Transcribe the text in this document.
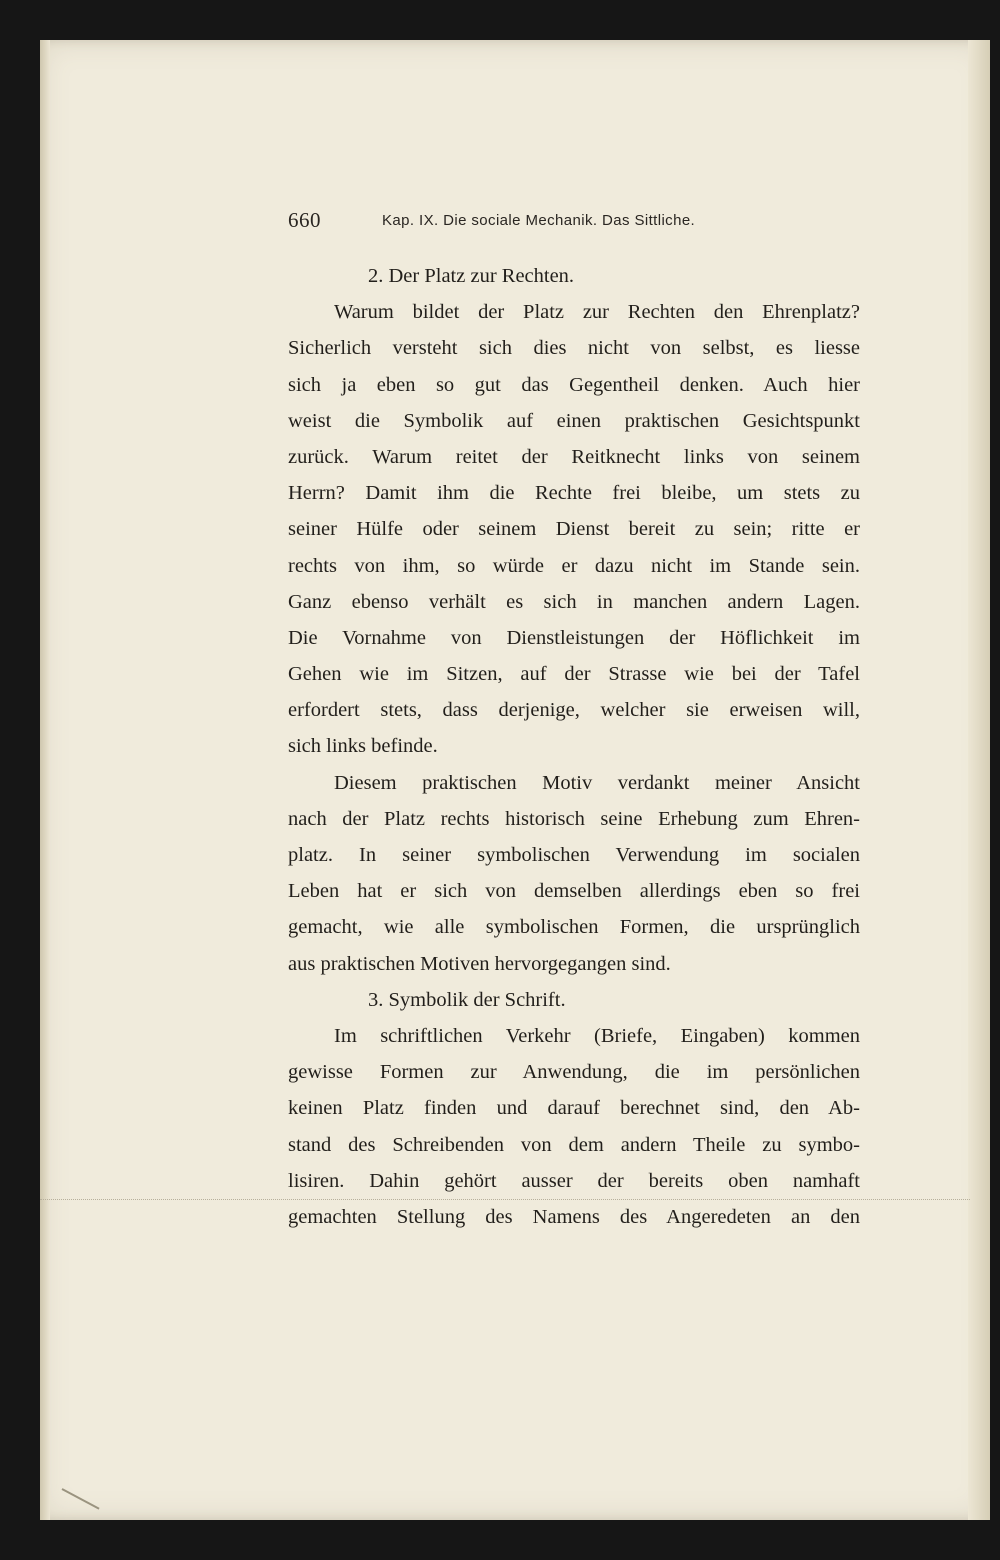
660	Kap. IX. Die sociale Mechanik. Das Sittliche.
2. Der Platz zur Rechten.
Warum bildet der Platz zur Rechten den Ehrenplatz?
Sicherlich versteht sich dies nicht von selbst, es liesse
sich ja eben so gut das Gegentheil denken. Auch hier
weist die Symbolik auf einen praktischen Gesichtspunkt
zurück. Warum reitet der Reitknecht links von seinem
Herrn? Damit ihm die Rechte frei bleibe, um stets zu
seiner Hülfe oder seinem Dienst bereit zu sein; ritte er
rechts von ihm, so würde er dazu nicht im Stande sein.
Ganz ebenso verhält es sich in manchen andern Lagen.
Die Vornahme von Dienstleistungen der Höflichkeit im
Gehen wie im Sitzen, auf der Strasse wie bei der Tafel
erfordert stets, dass derjenige, welcher sie erweisen will,
sich links befinde.
Diesem praktischen Motiv verdankt meiner Ansicht
nach der Platz rechts historisch seine Erhebung zum Ehren-
platz. In seiner symbolischen Verwendung im socialen
Leben hat er sich von demselben allerdings eben so frei
gemacht, wie alle symbolischen Formen, die ursprünglich
aus praktischen Motiven hervorgegangen sind.
3. Symbolik der Schrift.
Im schriftlichen Verkehr (Briefe, Eingaben) kommen
gewisse Formen zur Anwendung, die im persönlichen
keinen Platz finden und darauf berechnet sind, den Ab-
stand des Schreibenden von dem andern Theile zu symbo-
lisiren. Dahin gehört ausser der bereits oben namhaft
gemachten Stellung des Namens des Angeredeten an den
